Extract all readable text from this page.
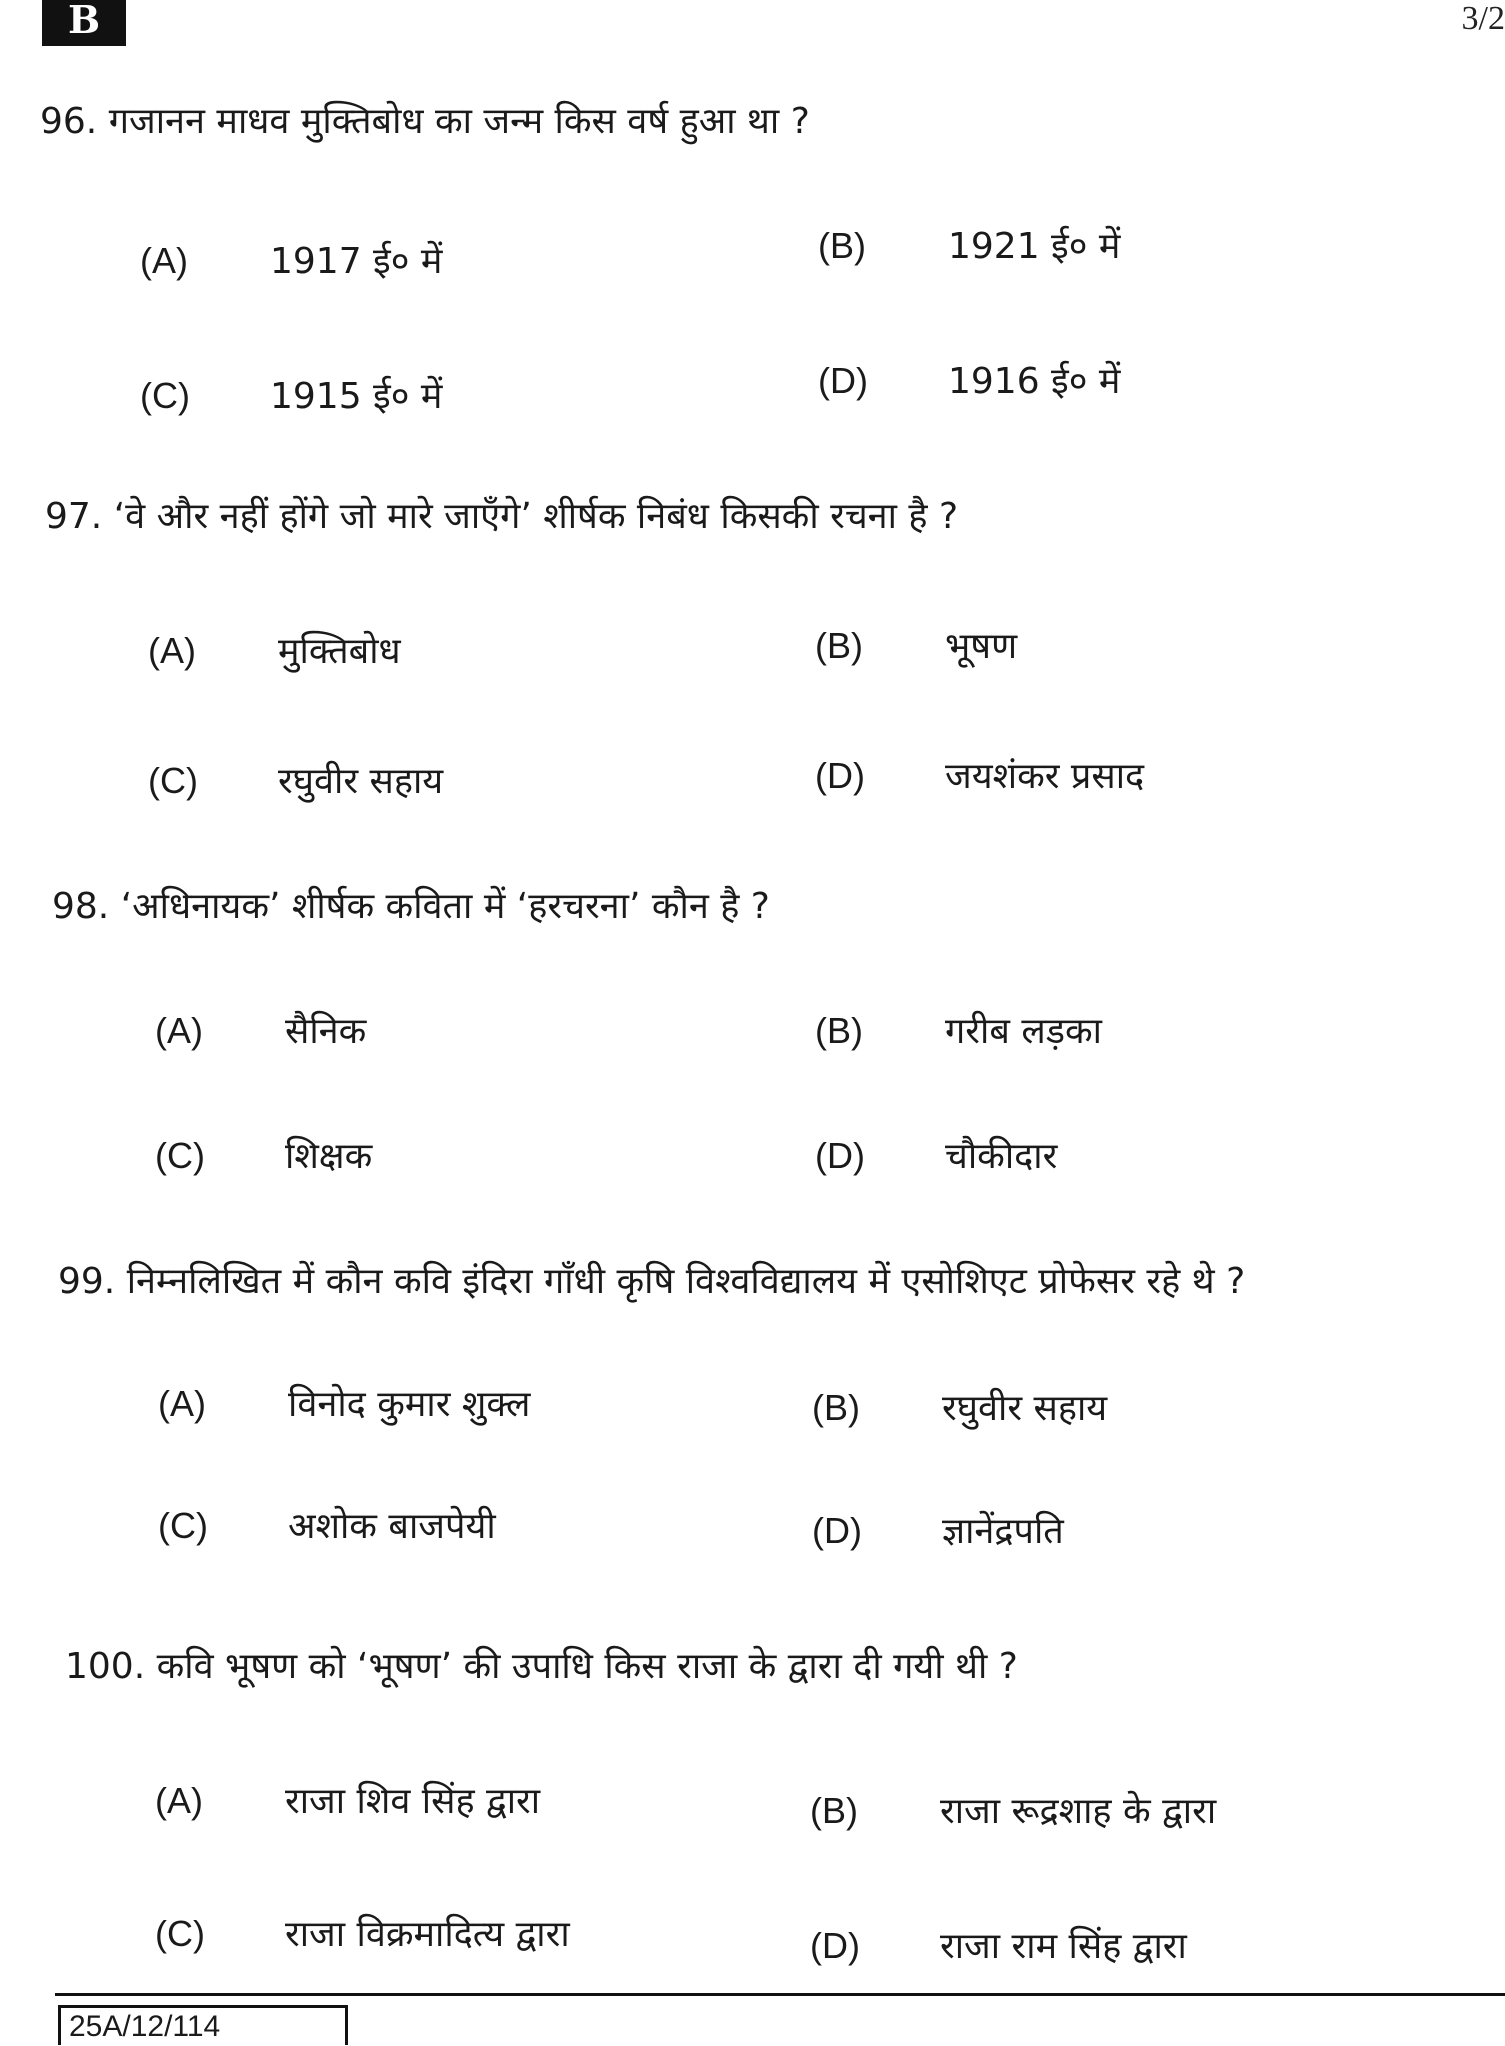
B	3/2
96. गजानन माधव मुक्तिबोध का जन्म किस वर्ष हुआ था ?
(A) 1917 ई० में	(B) 1921 ई० में
(C) 1915 ई० में	(D) 1916 ई० में
97. ‘वे और नहीं होंगे जो मारे जाएँगे’ शीर्षक निबंध किसकी रचना है ?
(A) मुक्तिबोध	(B) भूषण
(C) रघुवीर सहाय	(D) जयशंकर प्रसाद
98. ‘अधिनायक’ शीर्षक कविता में ‘हरचरना’ कौन है ?
(A) सैनिक	(B) गरीब लड़का
(C) शिक्षक	(D) चौकीदार
99. निम्नलिखित में कौन कवि इंदिरा गाँधी कृषि विश्वविद्यालय में एसोशिएट प्रोफेसर रहे थे ?
(A) विनोद कुमार शुक्ल	(B) रघुवीर सहाय
(C) अशोक बाजपेयी	(D) ज्ञानेंद्रपति
100. कवि भूषण को ‘भूषण’ की उपाधि किस राजा के द्वारा दी गयी थी ?
(A) राजा शिव सिंह द्वारा	(B) राजा रूद्रशाह के द्वारा
(C) राजा विक्रमादित्य द्वारा	(D) राजा राम सिंह द्वारा
25A/12/114
